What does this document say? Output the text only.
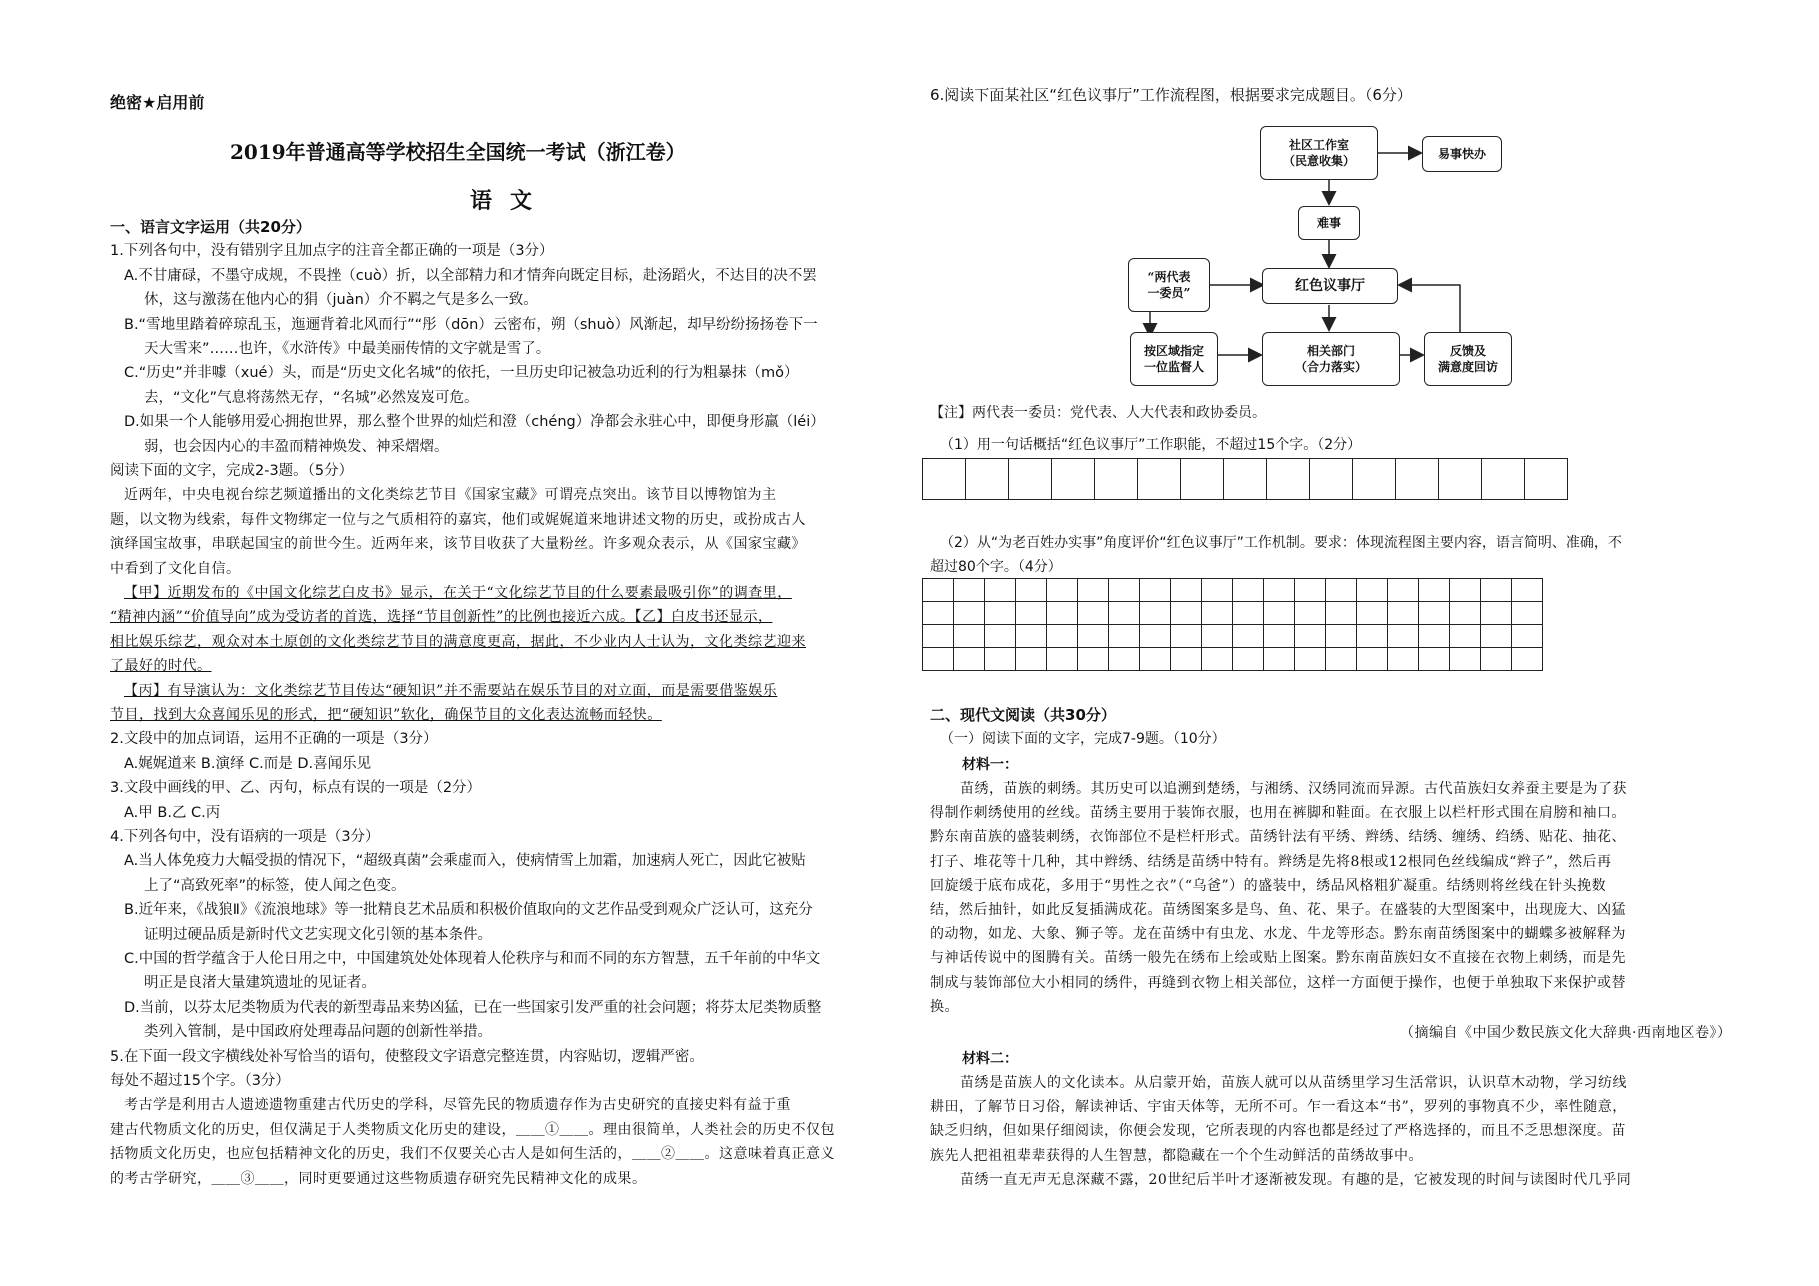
绝密★启用前
2019年普通高等学校招生全国统一考试（浙江卷）
语文
一、语言文字运用（共20分）
1.下列各句中，没有错别字且加点字的注音全都正确的一项是（3分）
A.不甘庸碌，不墨守成规，不畏挫（cuò）折，以全部精力和才情奔向既定目标，赴汤蹈火，不达目的决不罢
休，这与激荡在他内心的狷（juàn）介不羁之气是多么一致。
B.“雪地里踏着碎琼乱玉，迤逦背着北风而行”“彤（dōn）云密布，朔（shuò）风渐起，却早纷纷扬扬卷下一
天大雪来”……也许，《水浒传》中最美丽传情的文字就是雪了。
C.“历史”并非噱（xué）头，而是“历史文化名城”的依托，一旦历史印记被急功近利的行为粗暴抹（mǒ）
去，“文化”气息将荡然无存，“名城”必然岌岌可危。
D.如果一个人能够用爱心拥抱世界，那么整个世界的灿烂和澄（chéng）净都会永驻心中，即便身形羸（léi）
弱，也会因内心的丰盈而精神焕发、神采熠熠。
阅读下面的文字，完成2-3题。（5分）
近两年，中央电视台综艺频道播出的文化类综艺节目《国家宝藏》可谓亮点突出。该节目以博物馆为主
题，以文物为线索，每件文物绑定一位与之气质相符的嘉宾，他们或娓娓道来地讲述文物的历史，或扮成古人
演绎国宝故事，串联起国宝的前世今生。近两年来，该节目收获了大量粉丝。许多观众表示，从《国家宝藏》
中看到了文化自信。
【甲】近期发布的《中国文化综艺白皮书》显示，在关于“文化综艺节目的什么要素最吸引你”的调查里，
“精神内涵”“价值导向”成为受访者的首选，选择“节目创新性”的比例也接近六成。【乙】白皮书还显示，
相比娱乐综艺，观众对本土原创的文化类综艺节目的满意度更高，据此，不少业内人士认为，文化类综艺迎来
了最好的时代。
【丙】有导演认为：文化类综艺节目传达“硬知识”并不需要站在娱乐节目的对立面，而是需要借鉴娱乐
节目，找到大众喜闻乐见的形式，把“硬知识”软化，确保节目的文化表达流畅而轻快。
2.文段中的加点词语，运用不正确的一项是（3分）
A.娓娓道来 B.演绎 C.而是 D.喜闻乐见
3.文段中画线的甲、乙、丙句，标点有误的一项是（2分）
A.甲 B.乙 C.丙
4.下列各句中，没有语病的一项是（3分）
A.当人体免疫力大幅受损的情况下，“超级真菌”会乘虚而入，使病情雪上加霜，加速病人死亡，因此它被贴
上了“高致死率”的标签，使人闻之色变。
B.近年来，《战狼Ⅱ》《流浪地球》等一批精良艺术品质和积极价值取向的文艺作品受到观众广泛认可，这充分
证明过硬品质是新时代文艺实现文化引领的基本条件。
C.中国的哲学蕴含于人伦日用之中，中国建筑处处体现着人伦秩序与和而不同的东方智慧，五千年前的中华文
明正是良渚大量建筑遗址的见证者。
D.当前，以芬太尼类物质为代表的新型毒品来势凶猛，已在一些国家引发严重的社会问题；将芬太尼类物质整
类列入管制，是中国政府处理毒品问题的创新性举措。
5.在下面一段文字横线处补写恰当的语句，使整段文字语意完整连贯，内容贴切，逻辑严密。
每处不超过15个字。（3分）
考古学是利用古人遗迹遗物重建古代历史的学科，尽管先民的物质遗存作为古史研究的直接史料有益于重
建古代物质文化的历史，但仅满足于人类物质文化历史的建设，＿＿①＿＿。理由很简单，人类社会的历史不仅包
括物质文化历史，也应包括精神文化的历史，我们不仅要关心古人是如何生活的，＿＿②＿＿。这意味着真正意义
的考古学研究，＿＿③＿＿，同时更要通过这些物质遗存研究先民精神文化的成果。
6.阅读下面某社区“红色议事厅”工作流程图，根据要求完成题目。（6分）
社区工作室
（民意收集）	易事快办
难事
“两代表
一委员”	红色议事厅
按区域指定
一位监督人
相关部门
（合力落实）
反馈及
满意度回访
【注】两代表一委员：党代表、人大代表和政协委员。
（1）用一句话概括“红色议事厅”工作职能，不超过15个字。（2分）

（2）从“为老百姓办实事”角度评价“红色议事厅”工作机制。要求：体现流程图主要内容，语言简明、准确，不
超过80个字。（4分）

二、现代文阅读（共30分）
（一）阅读下面的文字，完成7-9题。（10分）
材料一：
苗绣，苗族的刺绣。其历史可以追溯到楚绣，与湘绣、汉绣同流而异源。古代苗族妇女养蚕主要是为了获
得制作刺绣使用的丝线。苗绣主要用于装饰衣服，也用在裤脚和鞋面。在衣服上以栏杆形式围在肩膀和袖口。
黔东南苗族的盛装刺绣，衣饰部位不是栏杆形式。苗绣针法有平绣、辫绣、结绣、缠绣、绉绣、贴花、抽花、
打子、堆花等十几种，其中辫绣、结绣是苗绣中特有。辫绣是先将8根或12根同色丝线编成“辫子”，然后再
回旋缓于底布成花，多用于“男性之衣”（“乌爸”）的盛装中，绣品风格粗犷凝重。结绣则将丝线在针头挽数
结，然后抽针，如此反复插满成花。苗绣图案多是鸟、鱼、花、果子。在盛装的大型图案中，出现庞大、凶猛
的动物，如龙、大象、狮子等。龙在苗绣中有虫龙、水龙、牛龙等形态。黔东南苗绣图案中的蝴蝶多被解释为
与神话传说中的图腾有关。苗绣一般先在绣布上绘或贴上图案。黔东南苗族妇女不直接在衣物上刺绣，而是先
制成与装饰部位大小相同的绣件，再缝到衣物上相关部位，这样一方面便于操作，也便于单独取下来保护或替
换。
（摘编自《中国少数民族文化大辞典·西南地区卷》）
材料二：
苗绣是苗族人的文化读本。从启蒙开始，苗族人就可以从苗绣里学习生活常识，认识草木动物，学习纺线
耕田，了解节日习俗，解读神话、宇宙天体等，无所不可。乍一看这本“书”，罗列的事物真不少，率性随意，
缺乏归纳，但如果仔细阅读，你便会发现，它所表现的内容也都是经过了严格选择的，而且不乏思想深度。苗
族先人把祖祖辈辈获得的人生智慧，都隐藏在一个个生动鲜活的苗绣故事中。
苗绣一直无声无息深藏不露，20世纪后半叶才逐渐被发现。有趣的是，它被发现的时间与读图时代几乎同
